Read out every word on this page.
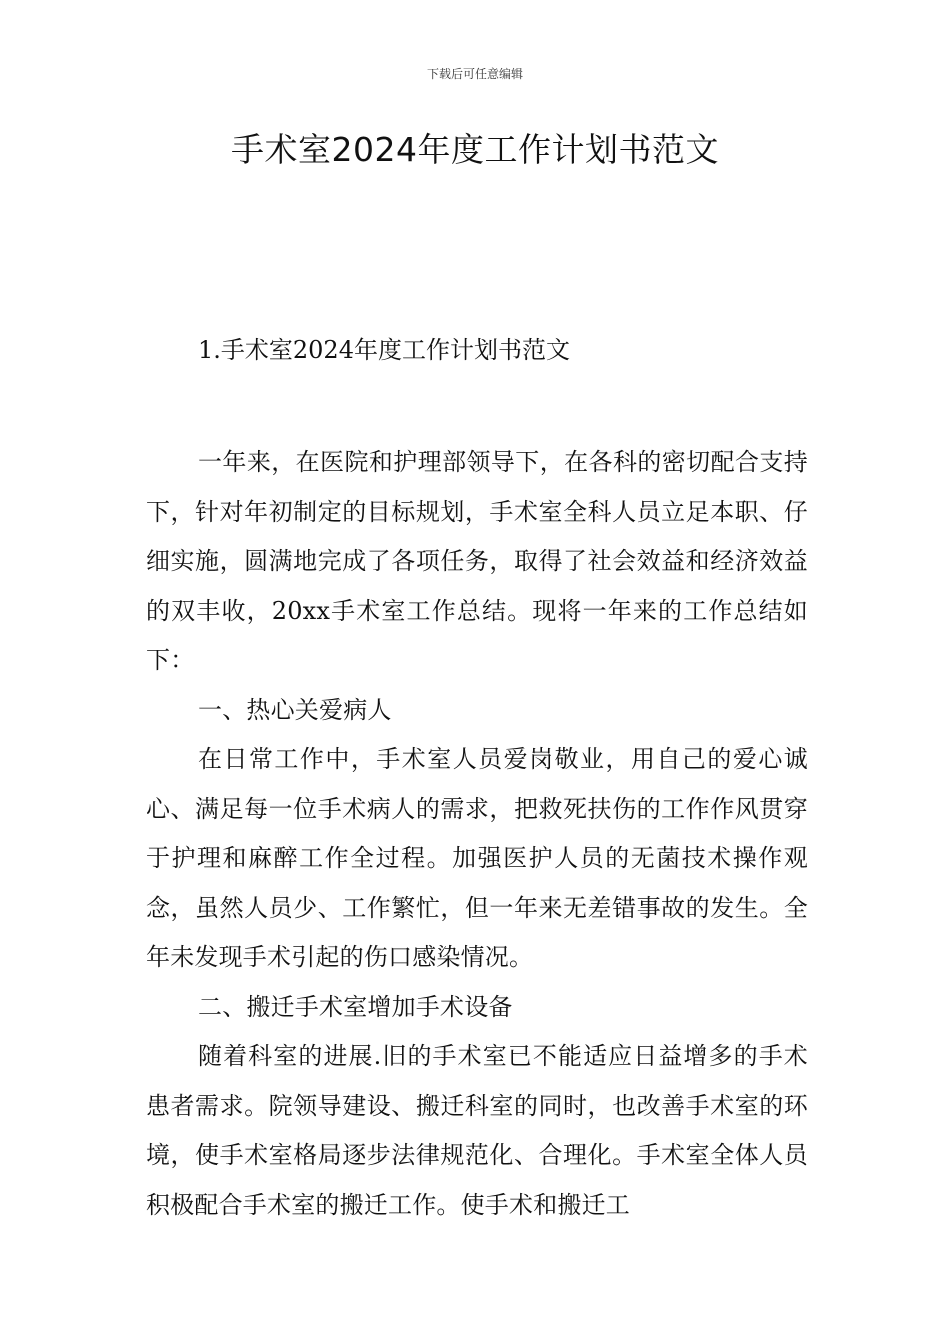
下载后可任意编辑
手术室2024年度工作计划书范文

1.手术室2024年度工作计划书范文

一年来，在医院和护理部领导下，在各科的密切配合支持下，针对年初制定的目标规划，手术室全科人员立足本职、仔细实施，圆满地完成了各项任务，取得了社会效益和经济效益的双丰收，20xx手术室工作总结。现将一年来的工作总结如下：

一、热心关爱病人

在日常工作中，手术室人员爱岗敬业，用自己的爱心诚心、满足每一位手术病人的需求，把救死扶伤的工作作风贯穿于护理和麻醉工作全过程。加强医护人员的无菌技术操作观念，虽然人员少、工作繁忙，但一年来无差错事故的发生。全年未发现手术引起的伤口感染情况。

二、搬迁手术室增加手术设备

随着科室的进展.旧的手术室已不能适应日益增多的手术患者需求。院领导建设、搬迁科室的同时，也改善手术室的环境，使手术室格局逐步法律规范化、合理化。手术室全体人员积极配合手术室的搬迁工作。使手术和搬迁工
